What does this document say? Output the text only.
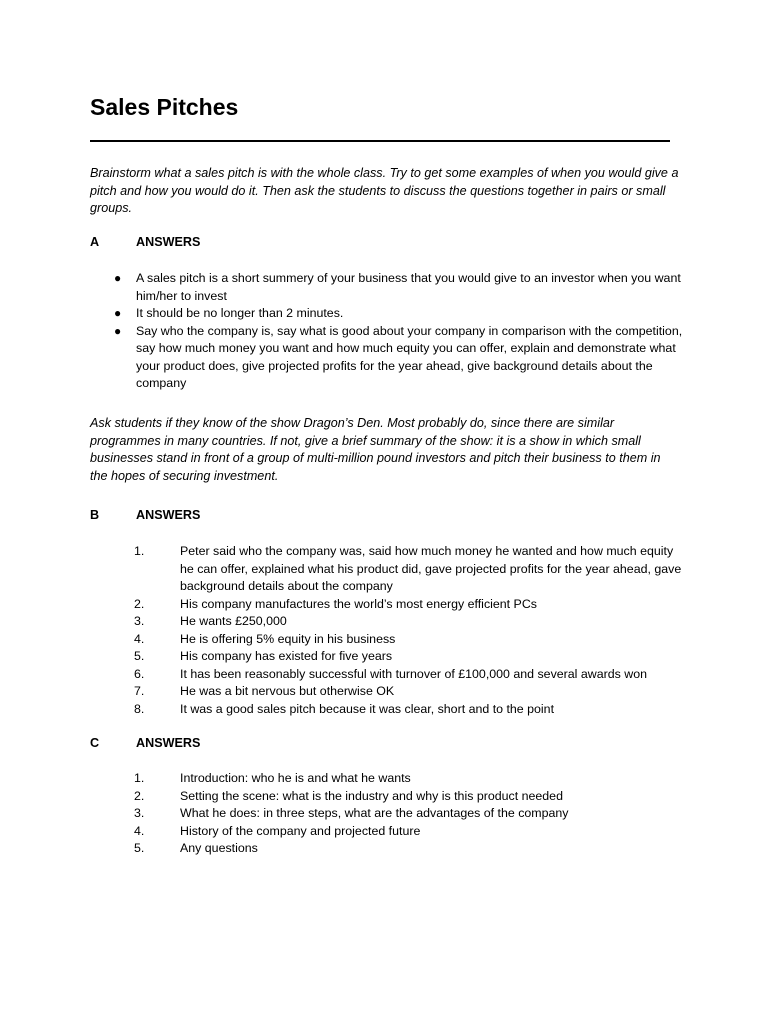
Sales Pitches

Brainstorm what a sales pitch is with the whole class. Try to get some examples of when you would give a pitch and how you would do it. Then ask the students to discuss the questions together in pairs or small groups.

A	ANSWERS
● A sales pitch is a short summery of your business that you would give to an investor when you want him/her to invest
● It should be no longer than 2 minutes.
● Say who the company is, say what is good about your company in comparison with the competition, say how much money you want and how much equity you can offer, explain and demonstrate what your product does, give projected profits for the year ahead, give background details about the company

Ask students if they know of the show Dragon’s Den. Most probably do, since there are similar programmes in many countries. If not, give a brief summary of the show: it is a show in which small businesses stand in front of a group of multi-million pound investors and pitch their business to them in the hopes of securing investment.

B	ANSWERS
1.	Peter said who the company was, said how much money he wanted and how much equity he can offer, explained what his product did, gave projected profits for the year ahead, gave background details about the company
2.	His company manufactures the world’s most energy efficient PCs
3.	He wants £250,000
4.	He is offering 5% equity in his business
5.	His company has existed for five years
6.	It has been reasonably successful with turnover of £100,000 and several awards won
7.	He was a bit nervous but otherwise OK
8.	It was a good sales pitch because it was clear, short and to the point
C	ANSWERS
1.	Introduction: who he is and what he wants
2.	Setting the scene: what is the industry and why is this product needed
3.	What he does: in three steps, what are the advantages of the company
4.	History of the company and projected future
5.	Any questions
